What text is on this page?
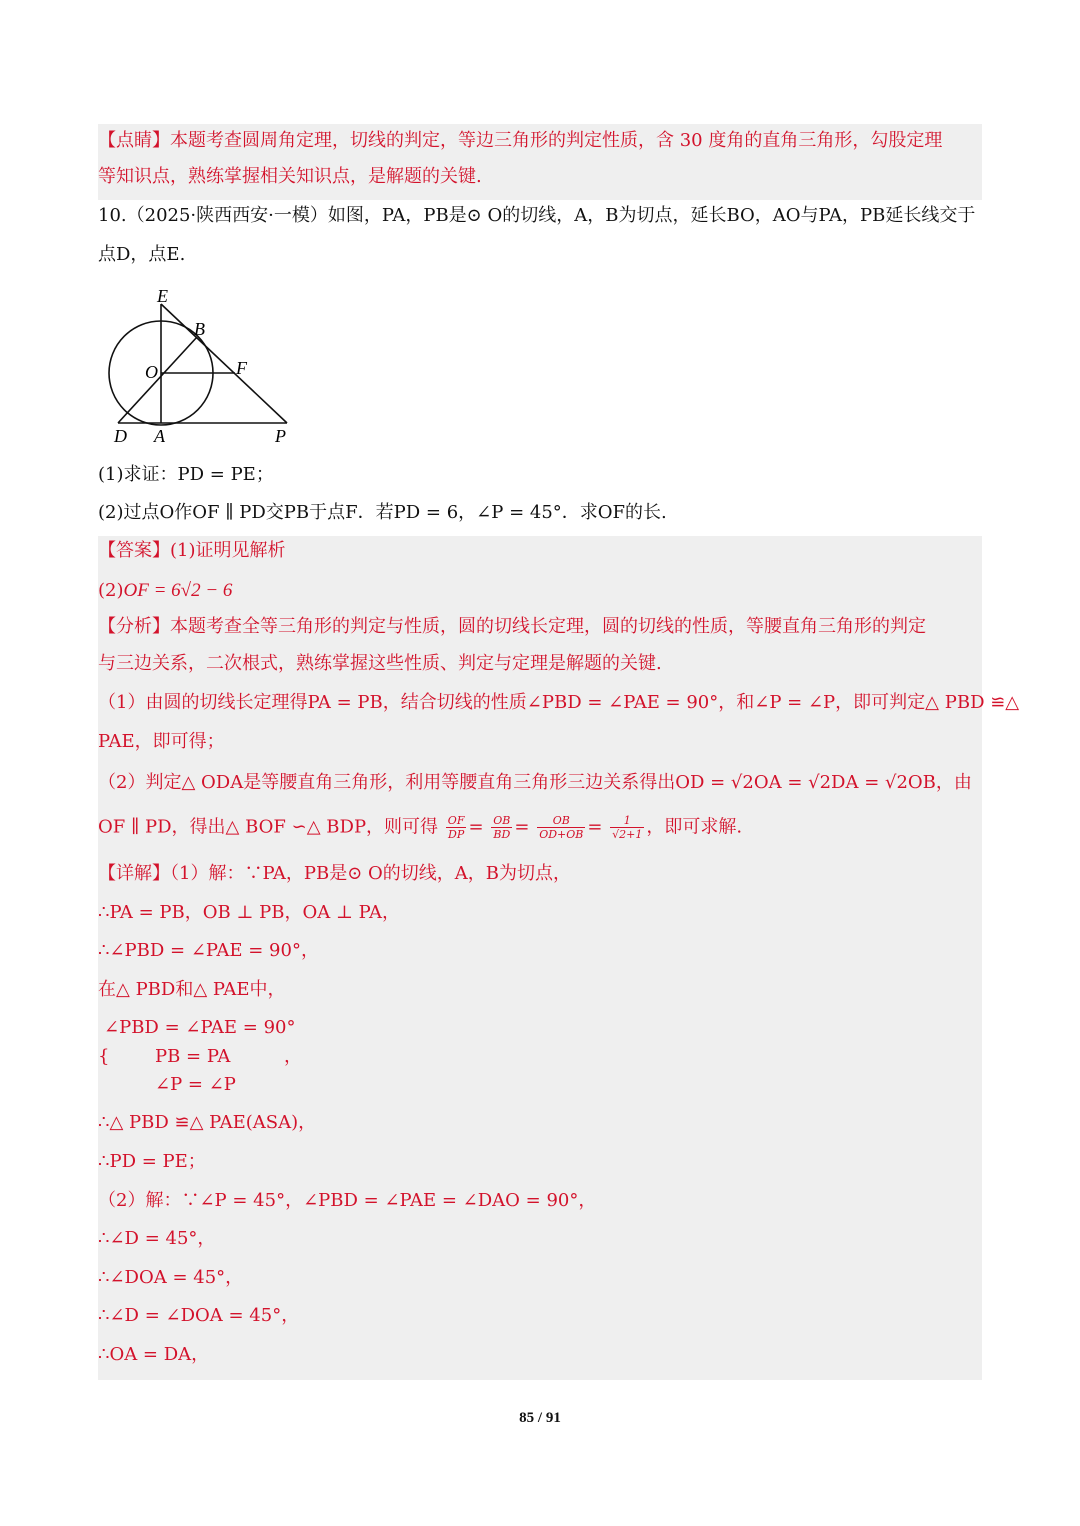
【点睛】本题考查圆周角定理，切线的判定，等边三角形的判定性质，含 30 度角的直角三角形，勾股定理
等知识点，熟练掌握相关知识点，是解题的关键.
10.（2025·陕西西安·一模）如图，PA，PB是⊙ O的切线，A，B为切点，延长BO，AO与PA，PB延长线交于
点D，点E.
E
B
O	F
D A	P
(1)求证：PD = PE；
(2)过点O作OF ∥ PD交PB于点F．若PD = 6，∠P = 45°．求OF的长.
【答案】(1)证明见解析
(2)OF = 6√2 − 6
【分析】本题考查全等三角形的判定与性质，圆的切线长定理，圆的切线的性质，等腰直角三角形的判定
与三边关系，二次根式，熟练掌握这些性质、判定与定理是解题的关键.
（1）由圆的切线长定理得PA = PB，结合切线的性质∠PBD = ∠PAE = 90°，和∠P = ∠P，即可判定△ PBD ≌△
PAE，即可得；
（2）判定△ ODA是等腰直角三角形，利用等腰直角三角形三边关系得出OD = √2OA = √2DA = √2OB，由
OF ∥ PD，得出△ BOF ∽△ BDP，则可得 $\frac{OF}{DP} = \frac{OB}{BD} = \frac{OB}{OD+OB} = \frac{1}{√2+1}$ ，即可求解.
【详解】（1）解：∵PA，PB是⊙ O的切线，A，B为切点，
∴PA = PB，OB ⊥ PB，OA ⊥ PA，
∴∠PBD = ∠PAE = 90°，
在△ PBD和△ PAE中，
∠PBD = ∠PAE = 90°
{	PB = PA	，
∠P = ∠P
∴△ PBD ≌△ PAE(ASA)，
∴PD = PE；
（2）解：∵∠P = 45°，∠PBD = ∠PAE = ∠DAO = 90°，
∴∠D = 45°，
∴∠DOA = 45°，
∴∠D = ∠DOA = 45°，
∴OA = DA，
85 / 91
